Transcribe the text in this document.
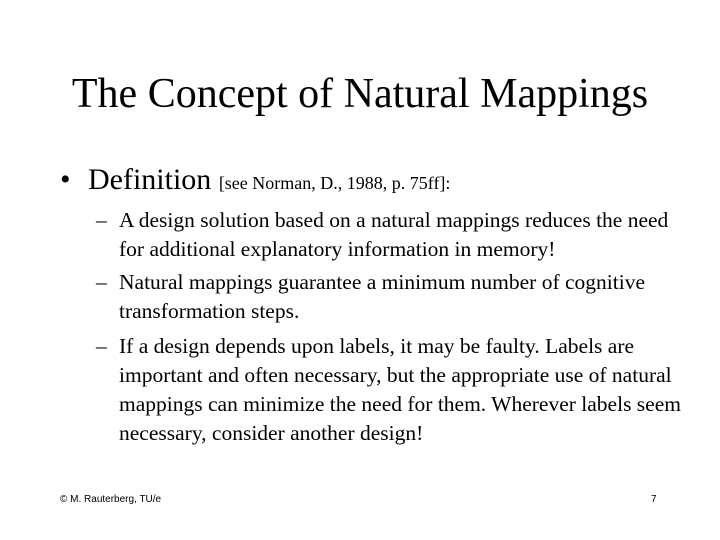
The Concept of Natural Mappings
• Definition [see Norman, D., 1988, p. 75ff]:
– A design solution based on a natural mappings reduces the need for additional explanatory information in memory!
– Natural mappings guarantee a minimum number of cognitive transformation steps.
– If a design depends upon labels, it may be faulty. Labels are important and often necessary, but the appropriate use of natural mappings can minimize the need for them. Wherever labels seem necessary, consider another design!
© M. Rauterberg, TU/e	7
